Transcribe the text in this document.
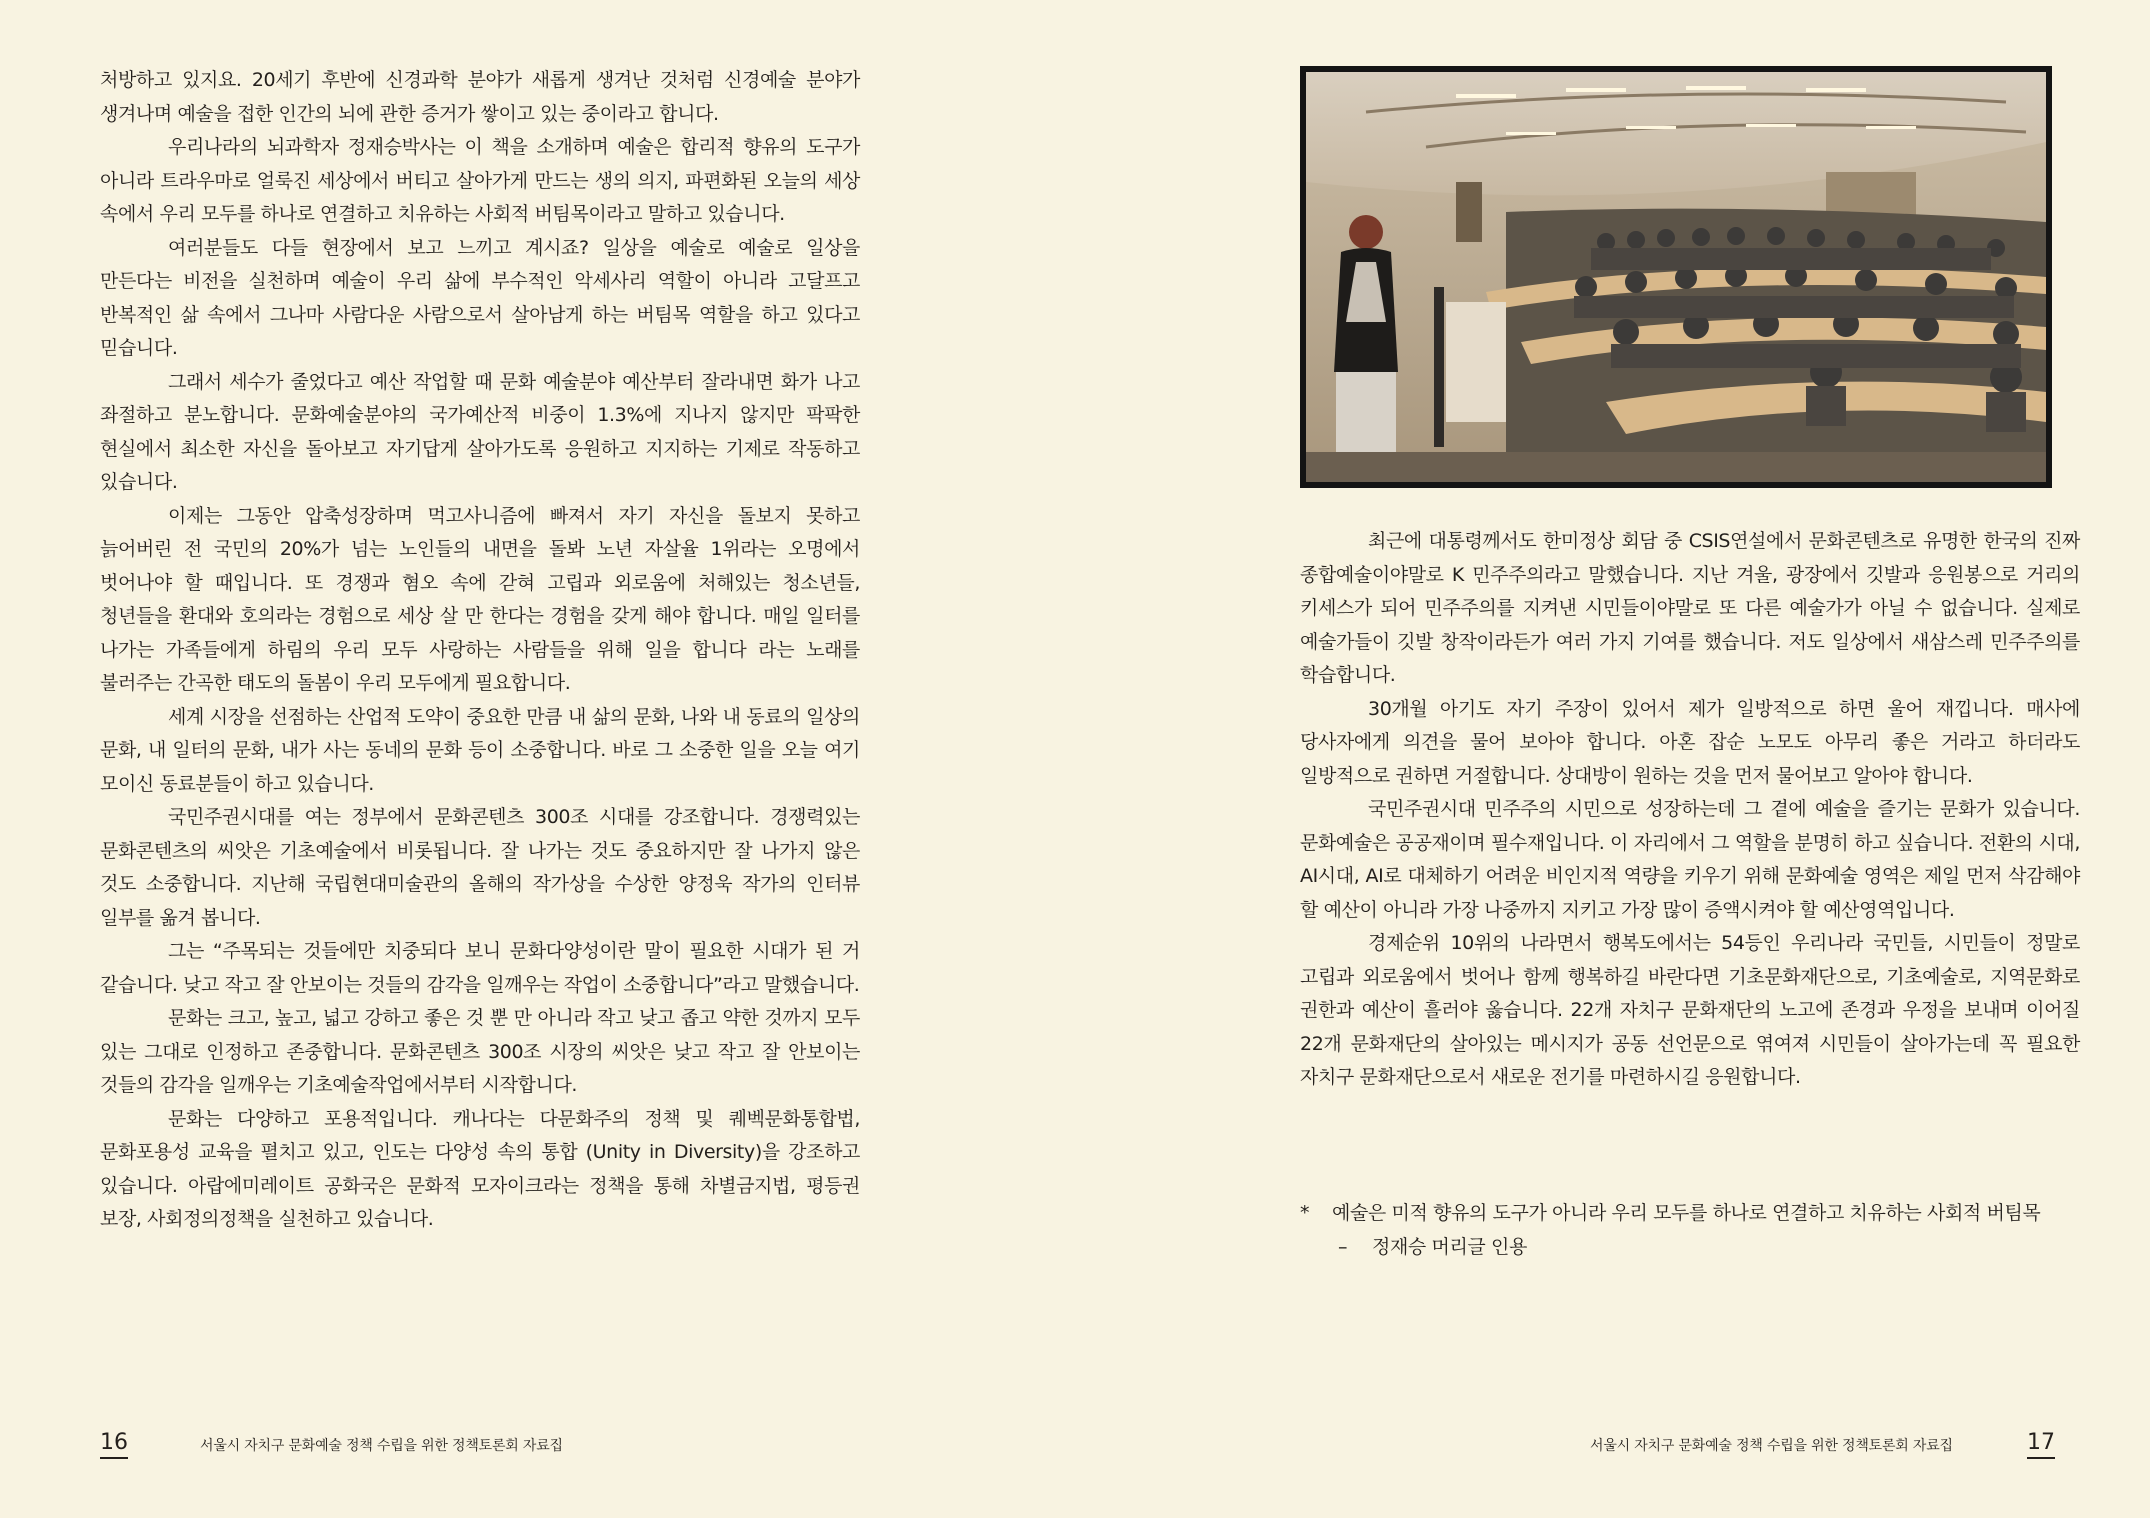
처방하고 있지요. 20세기 후반에 신경과학 분야가 새롭게 생겨난 것처럼 신경예술 분야가 생겨나며 예술을 접한 인간의 뇌에 관한 증거가 쌓이고 있는 중이라고 합니다.

우리나라의 뇌과학자 정재승박사는 이 책을 소개하며 예술은 합리적 향유의 도구가 아니라 트라우마로 얼룩진 세상에서 버티고 살아가게 만드는 생의 의지, 파편화된 오늘의 세상 속에서 우리 모두를 하나로 연결하고 치유하는 사회적 버팀목이라고 말하고 있습니다.

여러분들도 다들 현장에서 보고 느끼고 계시죠? 일상을 예술로 예술로 일상을 만든다는 비전을 실천하며 예술이 우리 삶에 부수적인 악세사리 역할이 아니라 고달프고 반복적인 삶 속에서 그나마 사람다운 사람으로서 살아남게 하는 버팀목 역할을 하고 있다고 믿습니다.

그래서 세수가 줄었다고 예산 작업할 때 문화 예술분야 예산부터 잘라내면 화가 나고 좌절하고 분노합니다. 문화예술분야의 국가예산적 비중이 1.3%에 지나지 않지만 팍팍한 현실에서 최소한 자신을 돌아보고 자기답게 살아가도록 응원하고 지지하는 기제로 작동하고 있습니다.

이제는 그동안 압축성장하며 먹고사니즘에 빠져서 자기 자신을 돌보지 못하고 늙어버린 전 국민의 20%가 넘는 노인들의 내면을 돌봐 노년 자살율 1위라는 오명에서 벗어나야 할 때입니다. 또 경쟁과 혐오 속에 갇혀 고립과 외로움에 처해있는 청소년들, 청년들을 환대와 호의라는 경험으로 세상 살 만 한다는 경험을 갖게 해야 합니다. 매일 일터를 나가는 가족들에게 하림의 우리 모두 사랑하는 사람들을 위해 일을 합니다 라는 노래를 불러주는 간곡한 태도의 돌봄이 우리 모두에게 필요합니다.

세계 시장을 선점하는 산업적 도약이 중요한 만큼 내 삶의 문화, 나와 내 동료의 일상의 문화, 내 일터의 문화, 내가 사는 동네의 문화 등이 소중합니다. 바로 그 소중한 일을 오늘 여기 모이신 동료분들이 하고 있습니다.

국민주권시대를 여는 정부에서 문화콘텐츠 300조 시대를 강조합니다. 경쟁력있는 문화콘텐츠의 씨앗은 기초예술에서 비롯됩니다. 잘 나가는 것도 중요하지만 잘 나가지 않은 것도 소중합니다. 지난해 국립현대미술관의 올해의 작가상을 수상한 양정욱 작가의 인터뷰 일부를 옮겨 봅니다.

그는 “주목되는 것들에만 치중되다 보니 문화다양성이란 말이 필요한 시대가 된 거 같습니다. 낮고 작고 잘 안보이는 것들의 감각을 일깨우는 작업이 소중합니다”라고 말했습니다.

문화는 크고, 높고, 넓고 강하고 좋은 것 뿐 만 아니라 작고 낮고 좁고 약한 것까지 모두 있는 그대로 인정하고 존중합니다. 문화콘텐츠 300조 시장의 씨앗은 낮고 작고 잘 안보이는 것들의 감각을 일깨우는 기초예술작업에서부터 시작합니다.

문화는 다양하고 포용적입니다. 캐나다는 다문화주의 정책 및 퀘벡문화통합법, 문화포용성 교육을 펼치고 있고, 인도는 다양성 속의 통합 (Unity in Diversity)을 강조하고 있습니다. 아랍에미레이트 공화국은 문화적 모자이크라는 정책을 통해 차별금지법, 평등권 보장, 사회정의정책을 실천하고 있습니다.

16	서울시 자치구 문화예술 정책 수립을 위한 정책토론회 자료집

최근에 대통령께서도 한미정상 회담 중 CSIS연설에서 문화콘텐츠로 유명한 한국의 진짜 종합예술이야말로 K 민주주의라고 말했습니다. 지난 겨울, 광장에서 깃발과 응원봉으로 거리의 키세스가 되어 민주주의를 지켜낸 시민들이야말로 또 다른 예술가가 아닐 수 없습니다. 실제로 예술가들이 깃발 창작이라든가 여러 가지 기여를 했습니다. 저도 일상에서 새삼스레 민주주의를 학습합니다.

30개월 아기도 자기 주장이 있어서 제가 일방적으로 하면 울어 재낍니다. 매사에 당사자에게 의견을 물어 보아야 합니다. 아혼 잡순 노모도 아무리 좋은 거라고 하더라도 일방적으로 권하면 거절합니다. 상대방이 원하는 것을 먼저 물어보고 알아야 합니다.

국민주권시대 민주주의 시민으로 성장하는데 그 곁에 예술을 즐기는 문화가 있습니다. 문화예술은 공공재이며 필수재입니다. 이 자리에서 그 역할을 분명히 하고 싶습니다. 전환의 시대, AI시대, AI로 대체하기 어려운 비인지적 역량을 키우기 위해 문화예술 영역은 제일 먼저 삭감해야 할 예산이 아니라 가장 나중까지 지키고 가장 많이 증액시켜야 할 예산영역입니다.

경제순위 10위의 나라면서 행복도에서는 54등인 우리나라 국민들, 시민들이 정말로 고립과 외로움에서 벗어나 함께 행복하길 바란다면 기초문화재단으로, 기초예술로, 지역문화로 권한과 예산이 흘러야 옳습니다. 22개 자치구 문화재단의 노고에 존경과 우정을 보내며 이어질 22개 문화재단의 살아있는 메시지가 공동 선언문으로 엮여져 시민들이 살아가는데 꼭 필요한 자치구 문화재단으로서 새로운 전기를 마련하시길 응원합니다.

*	예술은 미적 향유의 도구가 아니라 우리 모두를 하나로 연결하고 치유하는 사회적 버팀목
– 정재승 머리글 인용
서울시 자치구 문화예술 정책 수립을 위한 정책토론회 자료집	17
